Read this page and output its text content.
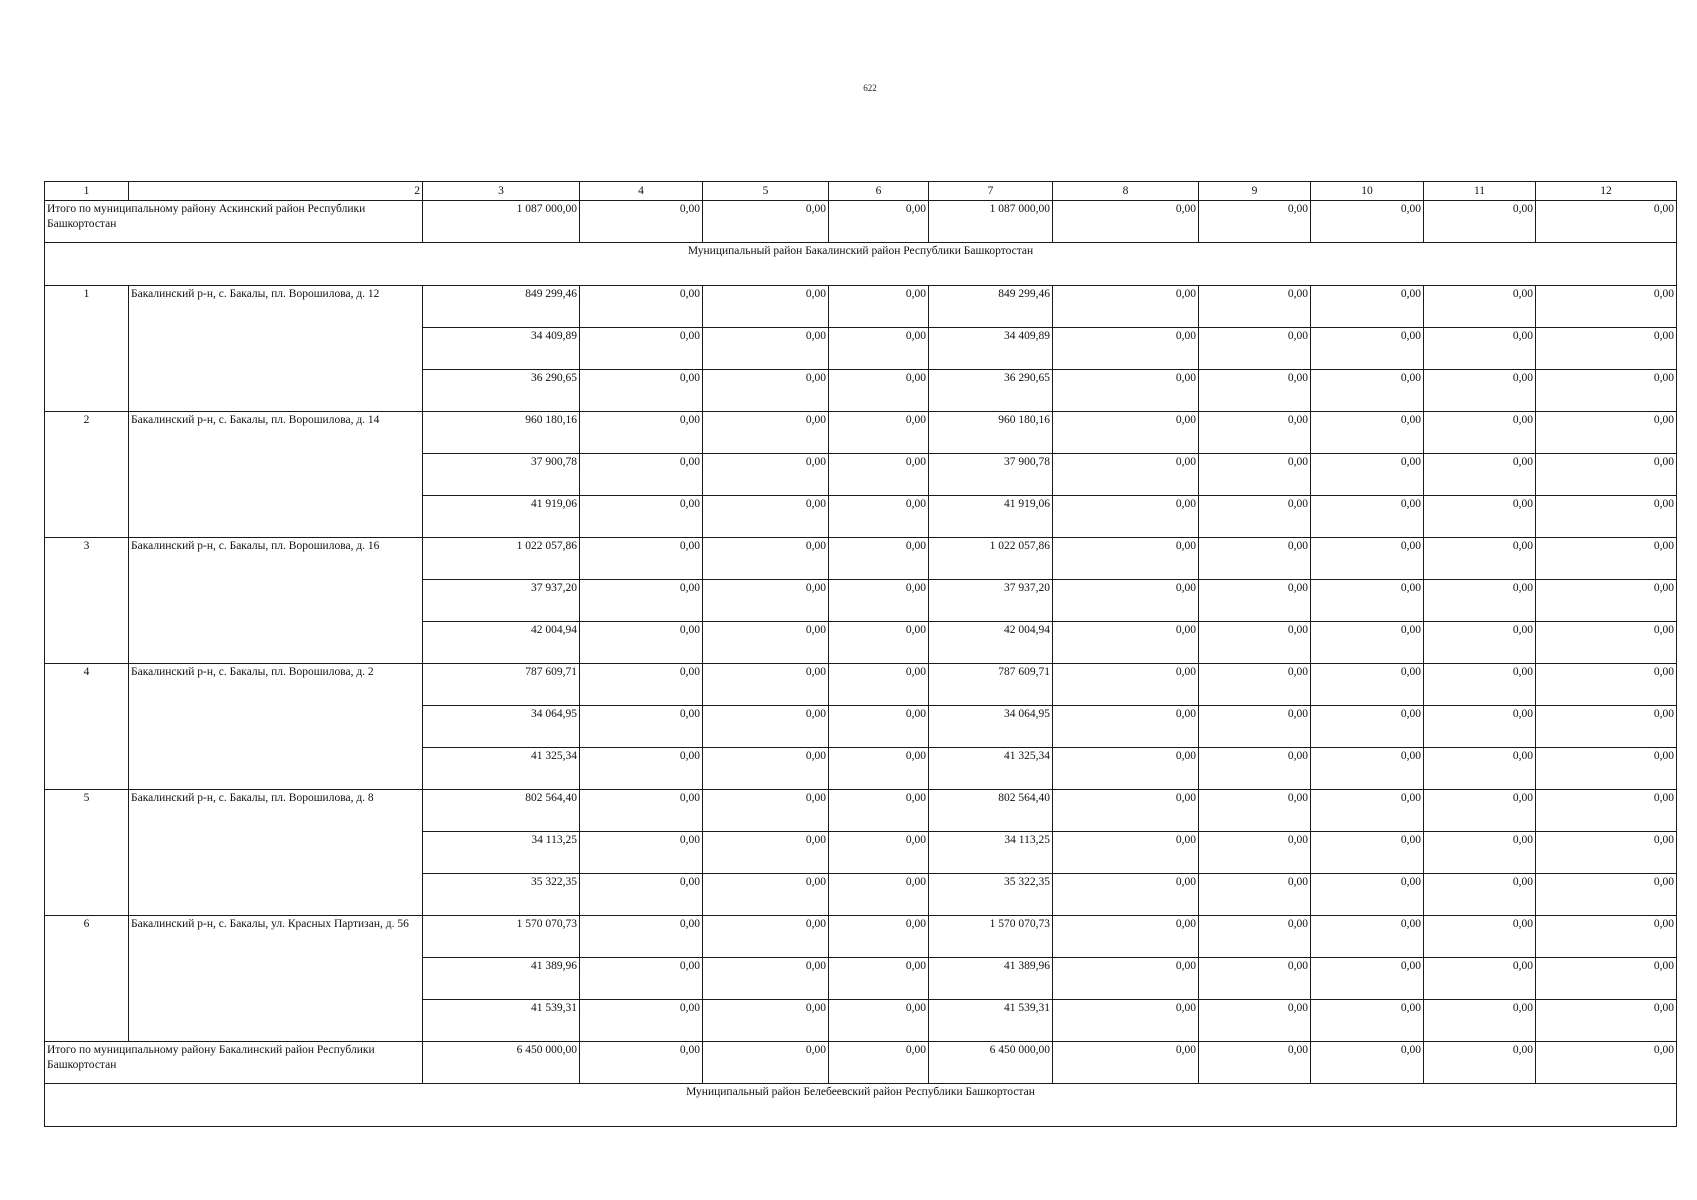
622
1	2	3	4	5	6	7	8	9	10	11	12
Итого по муниципальному району Аскинский район Республики Башкортостан		1 087 000,00	0,00	0,00	0,00	1 087 000,00	0,00	0,00	0,00	0,00	0,00
Муниципальный район Бакалинский район Республики Башкортостан											
1	Бакалинский р-н, с. Бакалы, пл. Ворошилова, д. 12	849 299,46	0,00	0,00	0,00	849 299,46	0,00	0,00	0,00	0,00	0,00
		34 409,89	0,00	0,00	0,00	34 409,89	0,00	0,00	0,00	0,00	0,00
		36 290,65	0,00	0,00	0,00	36 290,65	0,00	0,00	0,00	0,00	0,00
2	Бакалинский р-н, с. Бакалы, пл. Ворошилова, д. 14	960 180,16	0,00	0,00	0,00	960 180,16	0,00	0,00	0,00	0,00	0,00
		37 900,78	0,00	0,00	0,00	37 900,78	0,00	0,00	0,00	0,00	0,00
		41 919,06	0,00	0,00	0,00	41 919,06	0,00	0,00	0,00	0,00	0,00
3	Бакалинский р-н, с. Бакалы, пл. Ворошилова, д. 16	1 022 057,86	0,00	0,00	0,00	1 022 057,86	0,00	0,00	0,00	0,00	0,00
		37 937,20	0,00	0,00	0,00	37 937,20	0,00	0,00	0,00	0,00	0,00
		42 004,94	0,00	0,00	0,00	42 004,94	0,00	0,00	0,00	0,00	0,00
4	Бакалинский р-н, с. Бакалы, пл. Ворошилова, д. 2	787 609,71	0,00	0,00	0,00	787 609,71	0,00	0,00	0,00	0,00	0,00
		34 064,95	0,00	0,00	0,00	34 064,95	0,00	0,00	0,00	0,00	0,00
		41 325,34	0,00	0,00	0,00	41 325,34	0,00	0,00	0,00	0,00	0,00
5	Бакалинский р-н, с. Бакалы, пл. Ворошилова, д. 8	802 564,40	0,00	0,00	0,00	802 564,40	0,00	0,00	0,00	0,00	0,00
		34 113,25	0,00	0,00	0,00	34 113,25	0,00	0,00	0,00	0,00	0,00
		35 322,35	0,00	0,00	0,00	35 322,35	0,00	0,00	0,00	0,00	0,00
6	Бакалинский р-н, с. Бакалы, ул. Красных Партизан, д. 56	1 570 070,73	0,00	0,00	0,00	1 570 070,73	0,00	0,00	0,00	0,00	0,00
		41 389,96	0,00	0,00	0,00	41 389,96	0,00	0,00	0,00	0,00	0,00
		41 539,31	0,00	0,00	0,00	41 539,31	0,00	0,00	0,00	0,00	0,00
Итого по муниципальному району Бакалинский район Республики Башкортостан		6 450 000,00	0,00	0,00	0,00	6 450 000,00	0,00	0,00	0,00	0,00	0,00
Муниципальный район Белебеевский район Республики Башкортостан											
